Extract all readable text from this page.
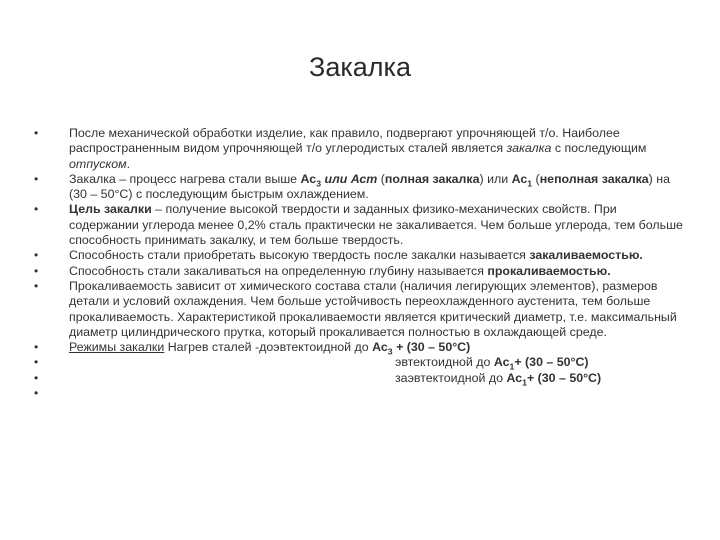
Закалка
•	После механической обработки изделие, как правило, подвергают упрочняющей т/о. Наиболее распространенным видом упрочняющей т/о углеродистых сталей является закалка с последующим отпуском.
•	Закалка – процесс нагрева стали выше $Ас_3$ или Асm (полная закалка) или $Ас_1$ (неполная закалка) на (30 – 50°С) с последующим быстрым охлаждением.
•	Цель закалки – получение высокой твердости и заданных физико-механических свойств. При содержании углерода менее 0,2% сталь практически не закаливается. Чем больше углерода, тем больше способность принимать закалку, и тем больше твердость.
•	Способность стали приобретать высокую твердость после закалки называется закаливаемостью.
•	Способность стали закаливаться на определенную глубину называется прокаливаемостью.
•	Прокаливаемость зависит от химического состава стали (наличия легирующих элементов), размеров детали и условий охлаждения. Чем больше устойчивость переохлажденного аустенита, тем больше прокаливаемость. Характеристикой прокаливаемости является критический диаметр, т.е. максимальный диаметр цилиндрического прутка, который прокаливается полностью в охлаждающей среде.
•	Режимы закалки Нагрев сталей -доэвтектоидной до $Ас_3 + (30 - 50^\circ С)$
•	эвтектоидной до $Ас_1+ (30 - 50^\circ С)$
•	заэвтектоидной до $Ас_1+ (30 - 50^\circ С)$
•
